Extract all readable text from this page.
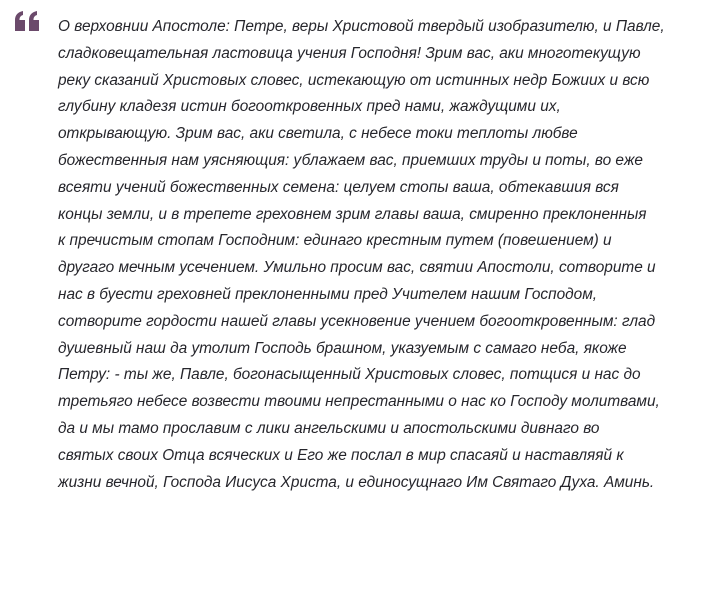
О верховнии Апостоле: Петре, веры Христовой твердый изобразителю, и Павле,
сладковещательная ластовица учения Господня! Зрим вас, аки многотекущую
реку сказаний Христовых словес, истекающую от истинных недр Божиих и всю
глубину кладезя истин богооткровенных пред нами, жаждущими их,
открывающую. Зрим вас, аки светила, с небесе токи теплоты любве
божественныя нам уясняющия: ублажаем вас, приемших труды и поты, во еже
всеяти учений божественных семена: целуем стопы ваша, обтекавшия вся
концы земли, и в трепете греховнем зрим главы ваша, смиренно преклоненныя
к пречистым стопам Господним: единаго крестным путем (повешением) и
другаго мечным усечением. Умильно просим вас, святии Апостоли, сотворите и
нас в буести греховней преклоненными пред Учителем нашим Господом,
сотворите гордости нашей главы усекновение учением богооткровенным: глад
душевный наш да утолит Господь брашном, указуемым с самаго неба, якоже
Петру: - ты же, Павле, богонасыщенный Христовых словес, потщися и нас до
третьяго небесе возвести твоими непрестанными о нас ко Господу молитвами,
да и мы тамо прославим с лики ангельскими и апостольскими дивнаго во
святых своих Отца всяческих и Его же послал в мир спасаяй и наставляяй к
жизни вечной, Господа Иисуса Христа, и единосущнаго Им Святаго Духа. Аминь.
